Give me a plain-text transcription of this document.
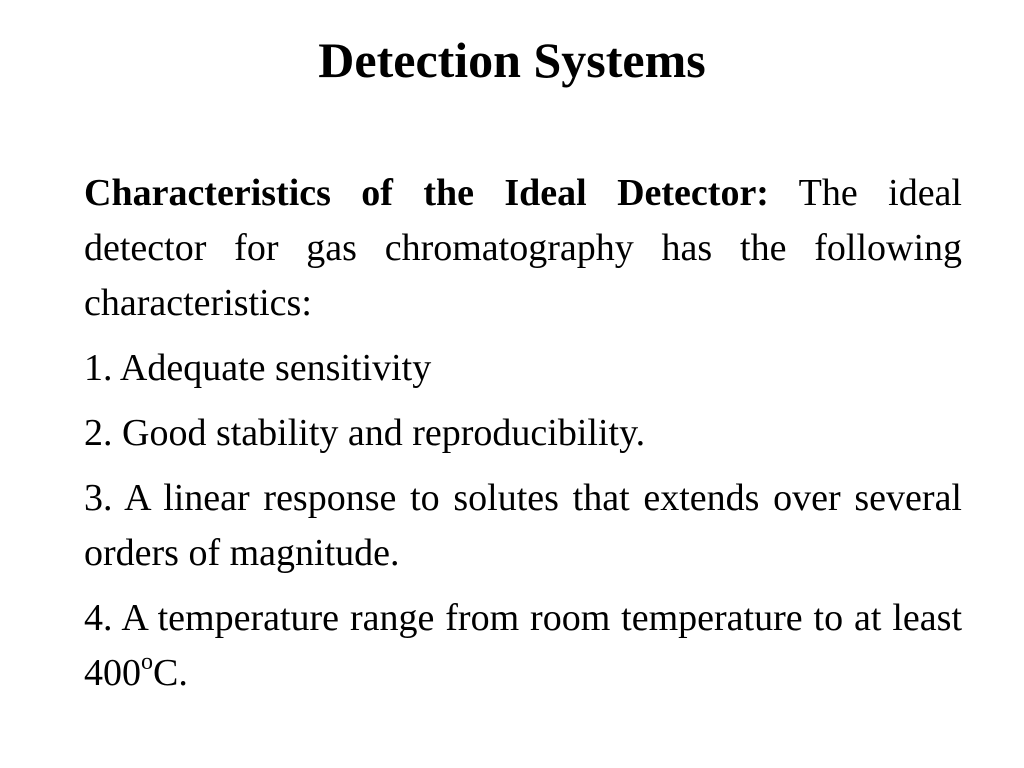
Detection Systems

Characteristics of the Ideal Detector: The ideal detector for gas chromatography has the following characteristics:

1. Adequate sensitivity

2. Good stability and reproducibility.

3. A linear response to solutes that extends over several orders of magnitude.

4. A temperature range from room temperature to at least 400$^o$C.
